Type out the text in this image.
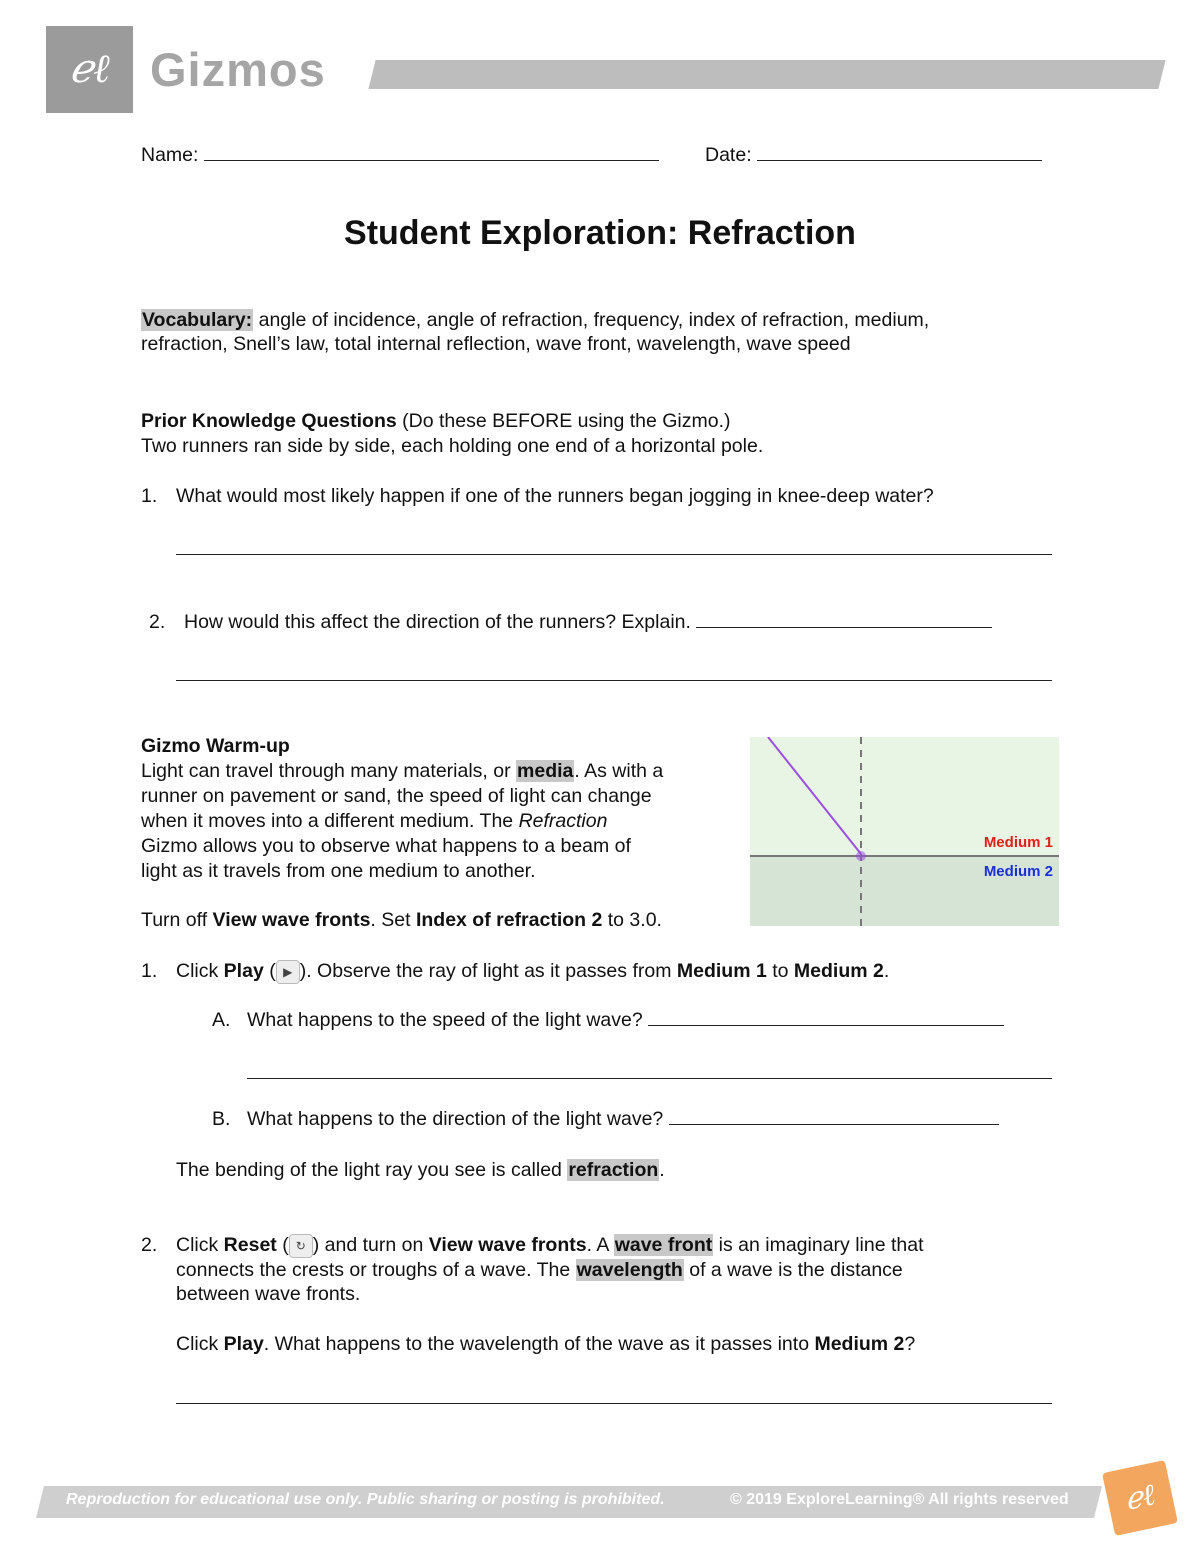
ℯℓ Gizmos
Name:	Date:
Student Exploration: Refraction
Vocabulary: angle of incidence, angle of refraction, frequency, index of refraction, medium,
refraction, Snell’s law, total internal reflection, wave front, wavelength, wave speed
Prior Knowledge Questions (Do these BEFORE using the Gizmo.)
Two runners ran side by side, each holding one end of a horizontal pole.
1. What would most likely happen if one of the runners began jogging in knee-deep water?
2. How would this affect the direction of the runners? Explain.
Gizmo Warm-up
Light can travel through many materials, or media. As with a
runner on pavement or sand, the speed of light can change
when it moves into a different medium. The Refraction
Gizmo allows you to observe what happens to a beam of
light as it travels from one medium to another.
Turn off View wave fronts. Set Index of refraction 2 to 3.0.
Medium 1
Medium 2
1. Click Play ( ▶ ). Observe the ray of light as it passes from Medium 1 to Medium 2.
A. What happens to the speed of the light wave?
B. What happens to the direction of the light wave?
The bending of the light ray you see is called refraction.
2. Click Reset ( ↻ ) and turn on View wave fronts. A wave front is an imaginary line that
connects the crests or troughs of a wave. The wavelength of a wave is the distance
between wave fronts.
Click Play. What happens to the wavelength of the wave as it passes into Medium 2?
Reproduction for educational use only. Public sharing or posting is prohibited.	© 2019 ExploreLearning® All rights reserved	ℯℓ
